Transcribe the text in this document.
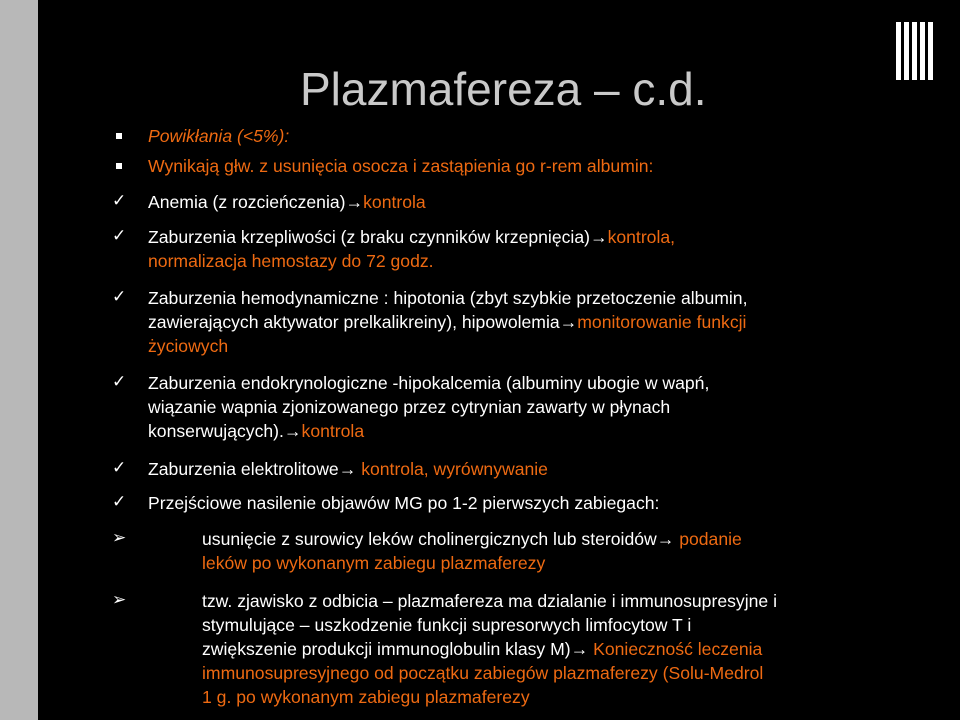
Plazmafereza – c.d.
Powikłania (<5%):
Wynikają głw. z usunięcia osocza i zastąpienia go r-rem albumin:
✓ Anemia (z rozcieńczenia)→kontrola
✓ Zaburzenia krzepliwości (z braku czynników krzepnięcia)→kontrola,
normalizacja hemostazy do 72 godz.
✓ Zaburzenia hemodynamiczne : hipotonia (zbyt szybkie przetoczenie albumin,
zawierających aktywator prelkalikreiny), hipowolemia→monitorowanie funkcji
życiowych
✓ Zaburzenia endokrynologiczne -hipokalcemia (albuminy ubogie w wapń,
wiązanie wapnia zjonizowanego przez cytrynian zawarty w płynach
konserwujących).→kontrola
✓ Zaburzenia elektrolitowe→ kontrola, wyrównywanie
✓ Przejściowe nasilenie objawów MG po 1-2 pierwszych zabiegach:
➢	usunięcie z surowicy leków cholinergicznych lub steroidów→ podanie
leków po wykonanym zabiegu plazmaferezy
➢	tzw. zjawisko z odbicia – plazmafereza ma dzialanie i immunosupresyjne i
stymulujące – uszkodzenie funkcji supresorwych limfocytow T i
zwiększenie produkcji immunoglobulin klasy M)→ Konieczność leczenia
immunosupresyjnego od początku zabiegów plazmaferezy (Solu-Medrol
1 g. po wykonanym zabiegu plazmaferezy
